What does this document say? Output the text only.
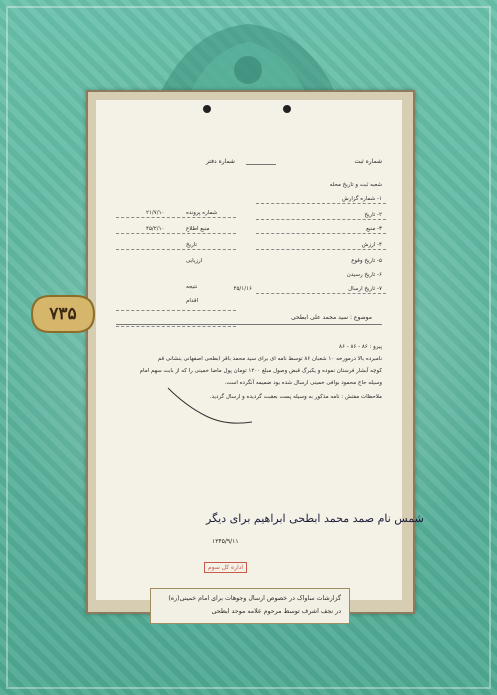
شماره ثبت
شماره دفتر
شعبه ثبت و تاریخ محله
۱- شماره گزارش
۲- تاریخ
۳- منبع
۴- ارزش
۵- تاریخ وقوع
۶- تاریخ رسیدن
۷- تاریخ ارسال
شماره پرونده
منبع اطلاع
تاریخ
ارزیابی
نتیجه
اقدام
۲۱/۷/۱۰
۴۵/۲/۱۰
۴۵/۱/۱۶
موضوع : سید محمد علی ابطحی
پیرو : ۸۶ - ۸۶ - ۸۶
نامبرده بالا درمورخه ۱۰ شعبان ۸۶ توسط نامه ای برای سید محمد باقر ابطحی اصفهانی بنشانی قم
کوچه آبشار فرستان نموده و یکبرگ قبض وصول مبلغ ۱۲۰۰ تومان پول ماضا خمینی را که از بابت سهم امام
وسیله حاج محمود بوافی خمینی ارسال شده بود ضمیمه آنگرده است.
ملاحظات مفتش : نامه مذکور به وسیله پست بعقبت گردیده و ارسال گردید.
شمس نام صمد محمد ابطحی ابراهیم برای دیگر
۱۳۴۵/۹/۱۱
اداره کل سوم
۷۳۵
گزارشات ساواک در خصوص ارسال وجوهات برای امام خمینی(ره)
در نجف اشرف توسط مرحوم علامه موحد ابطحی
